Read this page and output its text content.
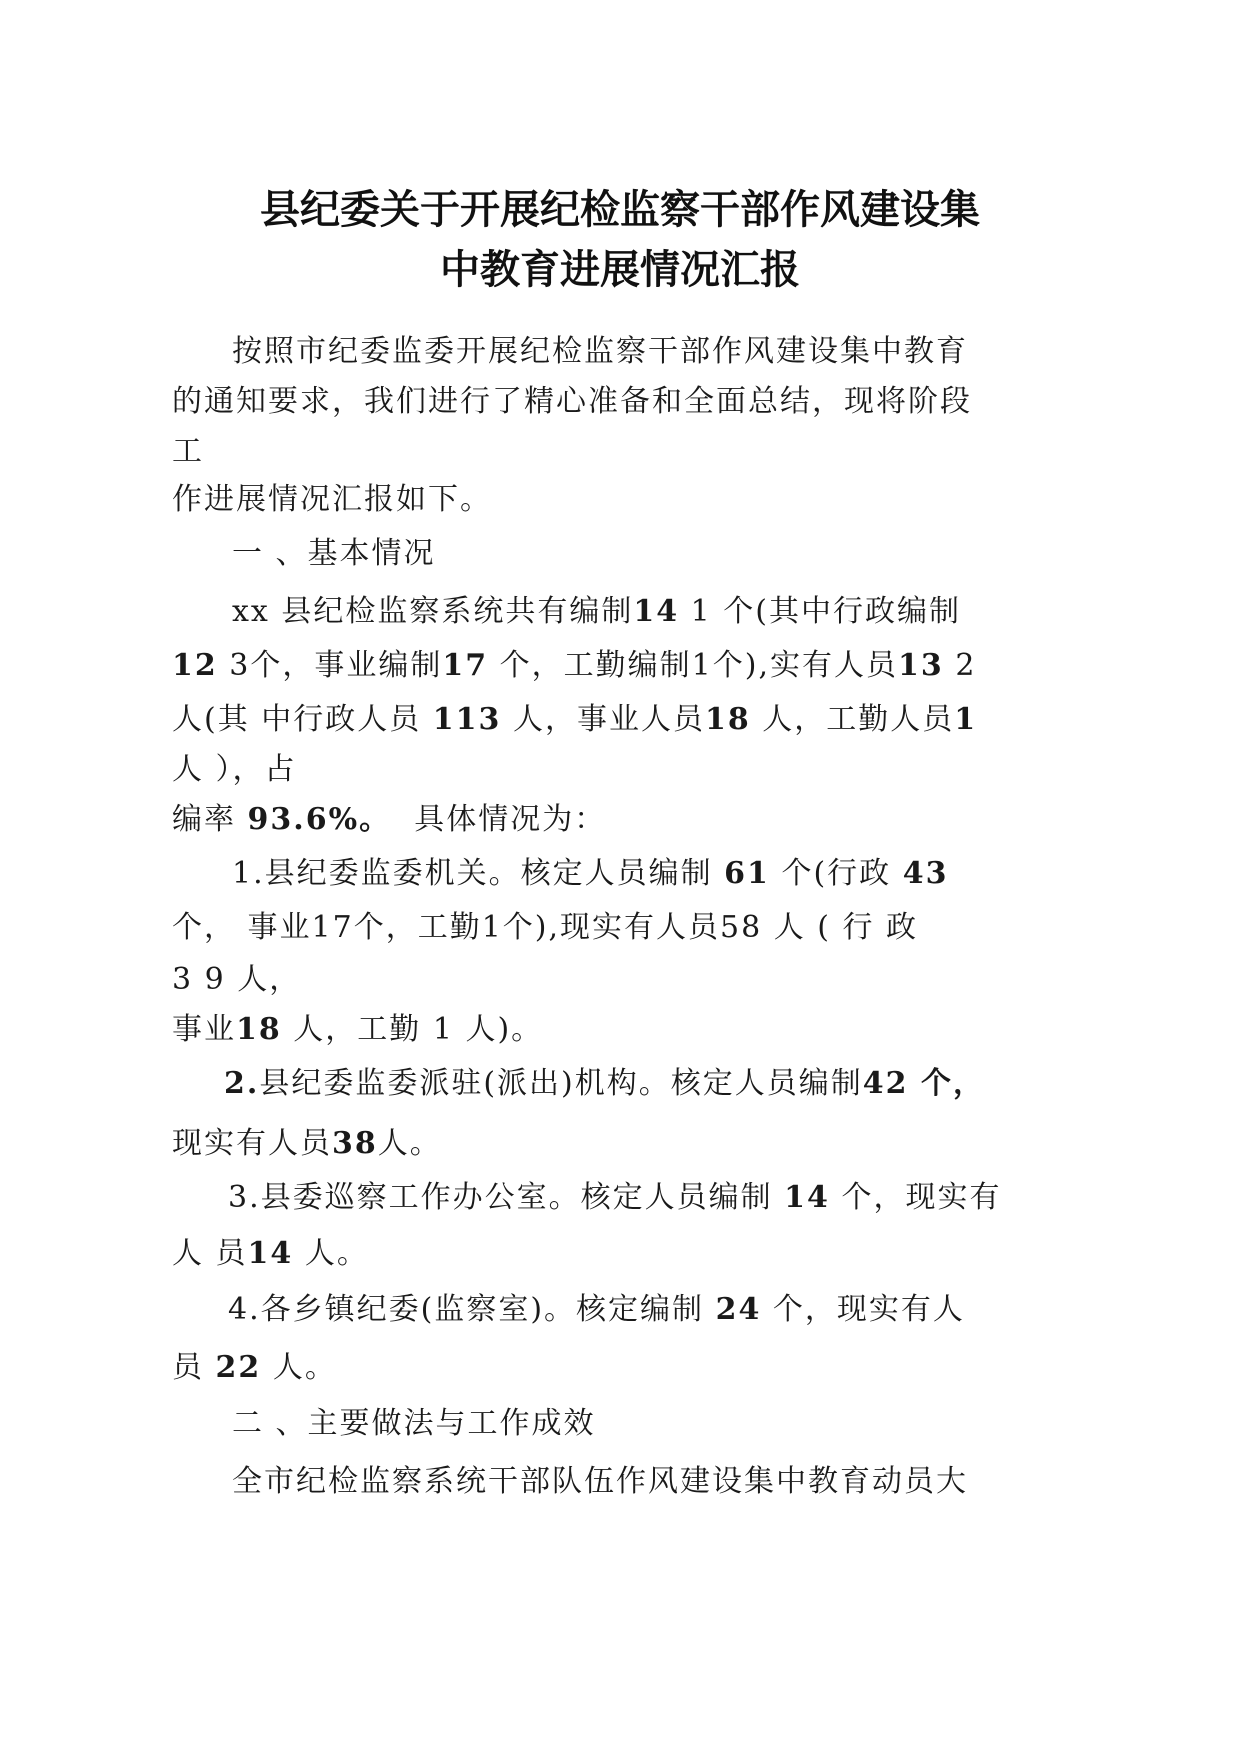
县纪委关于开展纪检监察干部作风建设集
中教育进展情况汇报
按照市纪委监委开展纪检监察干部作风建设集中教育
的通知要求，我们进行了精心准备和全面总结，现将阶段
工
作进展情况汇报如下。
一 、基本情况
xx 县纪检监察系统共有编制14 1 个(其中行政编制
12 3个，事业编制17 个，工勤编制1个),实有人员13 2
人(其 中行政人员 113 人，事业人员18 人，工勤人员1
人 ），占
编率 93.6%。  具体情况为：
1.县纪委监委机关。核定人员编制 61 个(行政 43
个， 事业17个，工勤1个),现实有人员58 人 ( 行 政
3 9 人，
事业18 人，工勤 1 人)。
2.县纪委监委派驻(派出)机构。核定人员编制42 个，
现实有人员38人。
3.县委巡察工作办公室。核定人员编制 14 个，现实有
人 员14 人。
4.各乡镇纪委(监察室)。核定编制 24 个，现实有人
员 22 人。
二 、主要做法与工作成效
全市纪检监察系统干部队伍作风建设集中教育动员大
